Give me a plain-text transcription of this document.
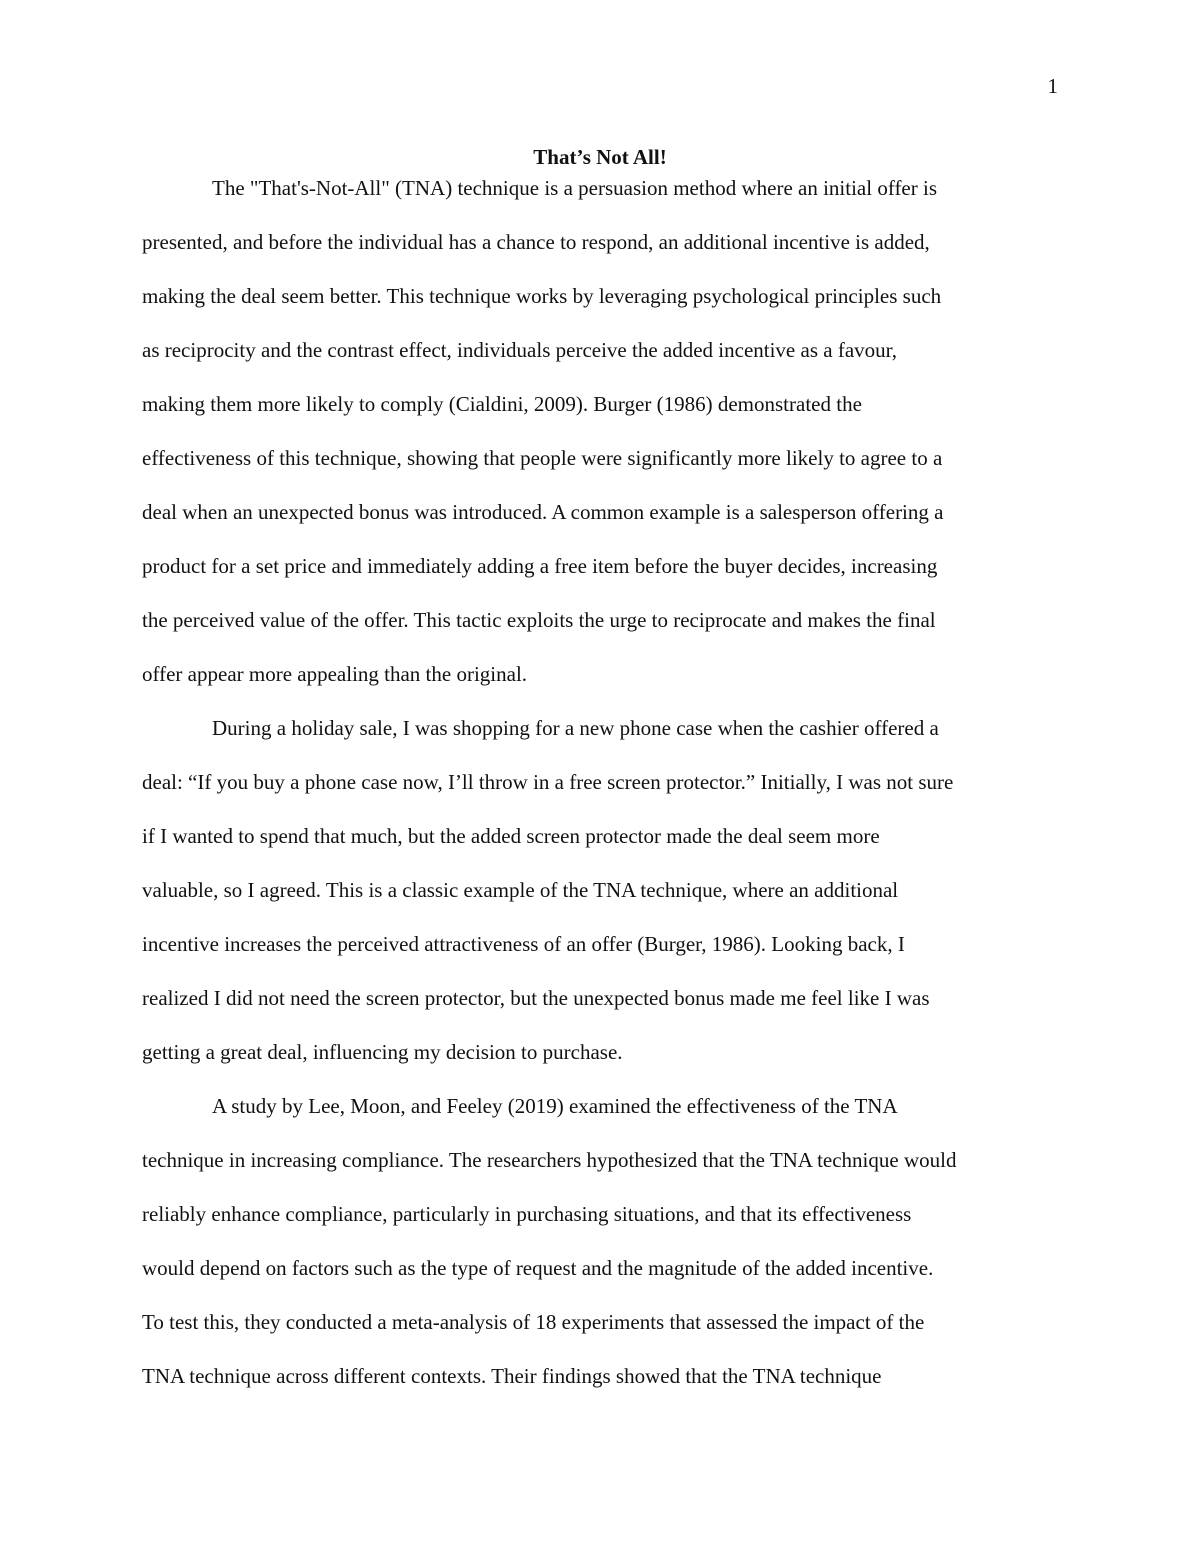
1
That’s Not All!
The "That's-Not-All" (TNA) technique is a persuasion method where an initial offer is
presented, and before the individual has a chance to respond, an additional incentive is added,
making the deal seem better. This technique works by leveraging psychological principles such
as reciprocity and the contrast effect, individuals perceive the added incentive as a favour,
making them more likely to comply (Cialdini, 2009). Burger (1986) demonstrated the
effectiveness of this technique, showing that people were significantly more likely to agree to a
deal when an unexpected bonus was introduced. A common example is a salesperson offering a
product for a set price and immediately adding a free item before the buyer decides, increasing
the perceived value of the offer. This tactic exploits the urge to reciprocate and makes the final
offer appear more appealing than the original.
During a holiday sale, I was shopping for a new phone case when the cashier offered a
deal: “If you buy a phone case now, I’ll throw in a free screen protector.” Initially, I was not sure
if I wanted to spend that much, but the added screen protector made the deal seem more
valuable, so I agreed. This is a classic example of the TNA technique, where an additional
incentive increases the perceived attractiveness of an offer (Burger, 1986). Looking back, I
realized I did not need the screen protector, but the unexpected bonus made me feel like I was
getting a great deal, influencing my decision to purchase.
A study by Lee, Moon, and Feeley (2019) examined the effectiveness of the TNA
technique in increasing compliance. The researchers hypothesized that the TNA technique would
reliably enhance compliance, particularly in purchasing situations, and that its effectiveness
would depend on factors such as the type of request and the magnitude of the added incentive.
To test this, they conducted a meta-analysis of 18 experiments that assessed the impact of the
TNA technique across different contexts. Their findings showed that the TNA technique
